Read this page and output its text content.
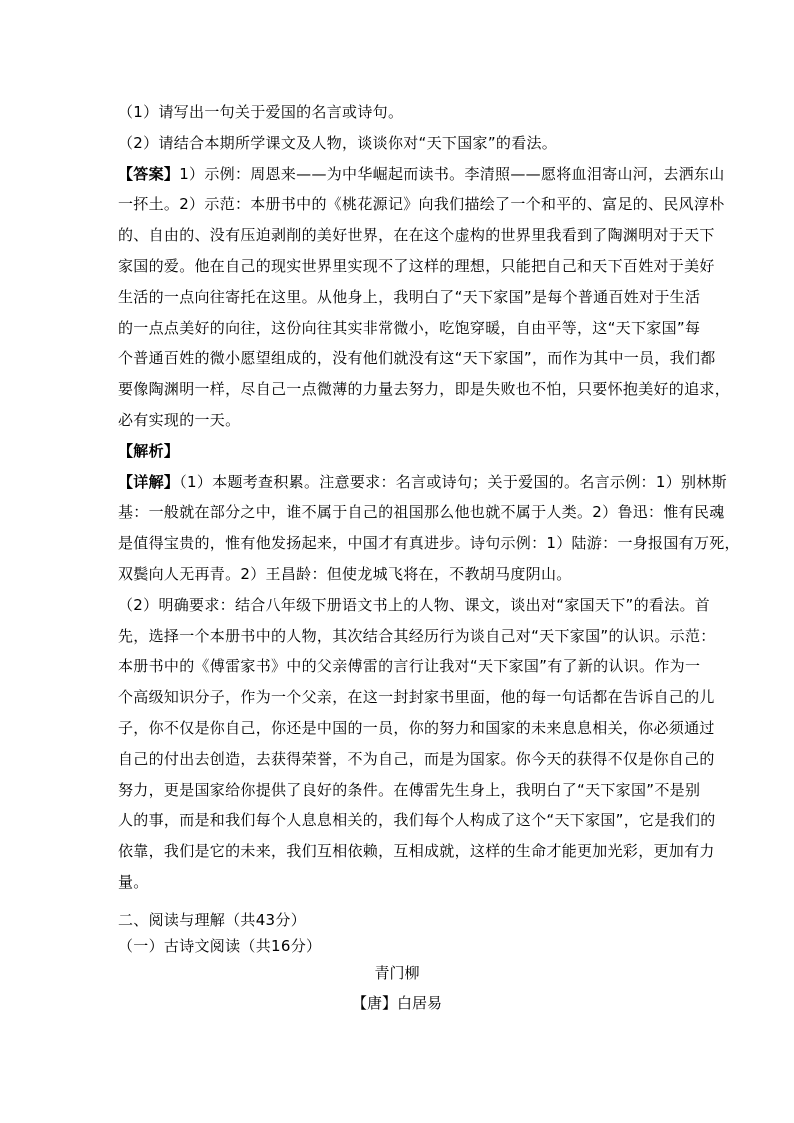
（1）请写出一句关于爱国的名言或诗句。
（2）请结合本期所学课文及人物，谈谈你对“天下国家”的看法。
【答案】1）示例：周恩来——为中华崛起而读书。李清照——愿将血泪寄山河，去洒东山
一抔土。2）示范：本册书中的《桃花源记》向我们描绘了一个和平的、富足的、民风淳朴
的、自由的、没有压迫剥削的美好世界，在在这个虚构的世界里我看到了陶渊明对于天下
家国的爱。他在自己的现实世界里实现不了这样的理想，只能把自己和天下百姓对于美好
生活的一点向往寄托在这里。从他身上，我明白了“天下家国”是每个普通百姓对于生活
的一点点美好的向往，这份向往其实非常微小，吃饱穿暖，自由平等，这“天下家国”每
个普通百姓的微小愿望组成的，没有他们就没有这“天下家国”，而作为其中一员，我们都
要像陶渊明一样，尽自己一点微薄的力量去努力，即是失败也不怕，只要怀抱美好的追求，
必有实现的一天。
【解析】
【详解】（1）本题考查积累。注意要求：名言或诗句；关于爱国的。名言示例：1）别林斯
基：一般就在部分之中，谁不属于自己的祖国那么他也就不属于人类。2）鲁迅：惟有民魂
是值得宝贵的，惟有他发扬起来，中国才有真进步。诗句示例：1）陆游：一身报国有万死，
双鬓向人无再青。2）王昌龄：但使龙城飞将在，不教胡马度阴山。
（2）明确要求：结合八年级下册语文书上的人物、课文，谈出对“家国天下”的看法。首
先，选择一个本册书中的人物，其次结合其经历行为谈自己对“天下家国”的认识。示范：
本册书中的《傅雷家书》中的父亲傅雷的言行让我对“天下家国”有了新的认识。作为一
个高级知识分子，作为一个父亲，在这一封封家书里面，他的每一句话都在告诉自己的儿
子，你不仅是你自己，你还是中国的一员，你的努力和国家的未来息息相关，你必须通过
自己的付出去创造，去获得荣誉，不为自己，而是为国家。你今天的获得不仅是你自己的
努力，更是国家给你提供了良好的条件。在傅雷先生身上，我明白了“天下家国”不是别
人的事，而是和我们每个人息息相关的，我们每个人构成了这个“天下家国”，它是我们的
依靠，我们是它的未来，我们互相依赖，互相成就，这样的生命才能更加光彩，更加有力
量。
二、阅读与理解（共43分）
（一）古诗文阅读（共16分）
青门柳
【唐】白居易
